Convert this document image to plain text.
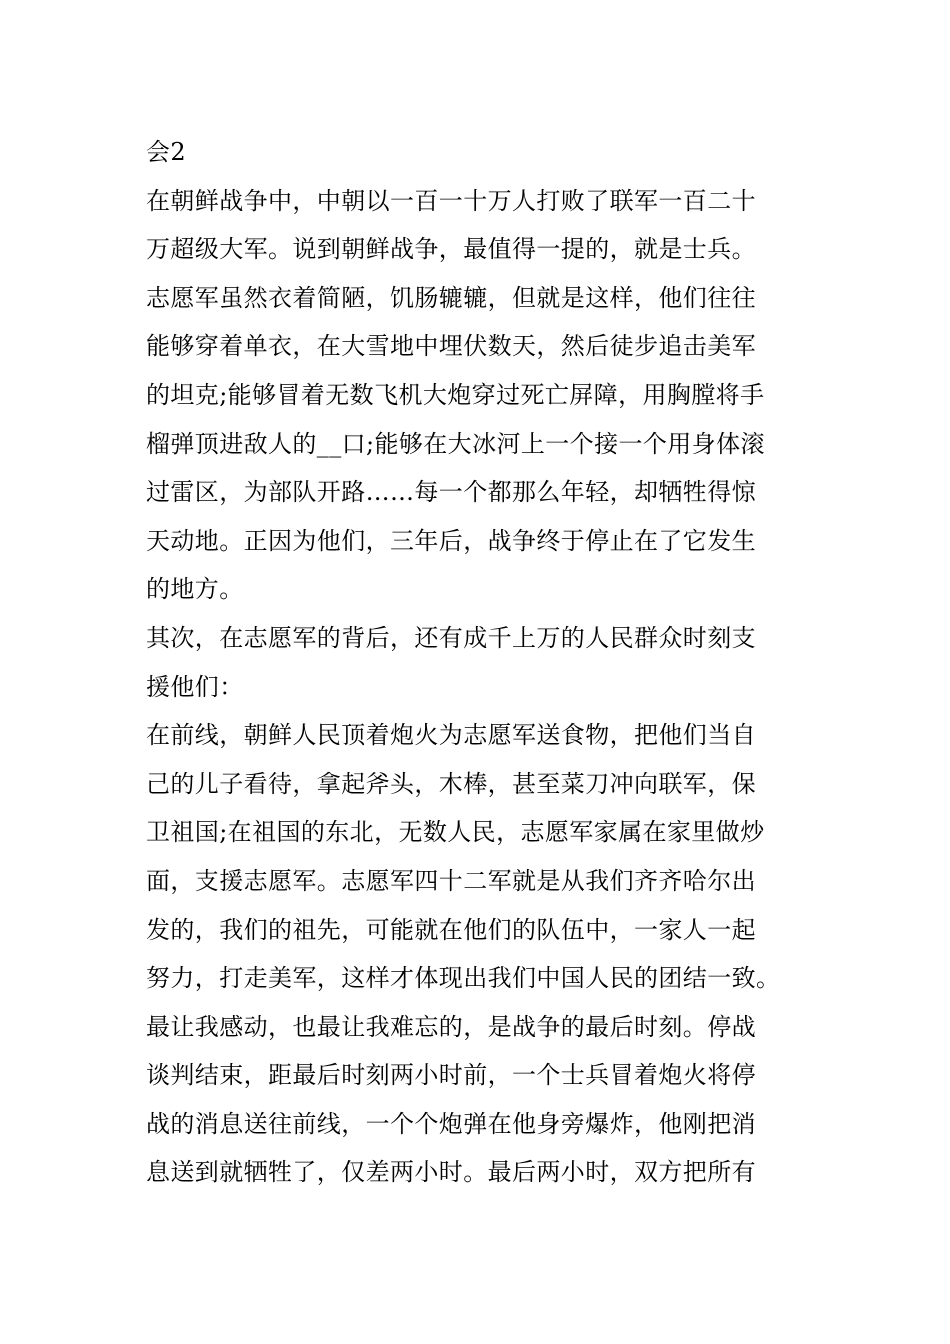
会2
在朝鲜战争中，中朝以一百一十万人打败了联军一百二十
万超级大军。说到朝鲜战争，最值得一提的，就是士兵。
志愿军虽然衣着简陋，饥肠辘辘，但就是这样，他们往往
能够穿着单衣，在大雪地中埋伏数天，然后徒步追击美军
的坦克;能够冒着无数飞机大炮穿过死亡屏障，用胸膛将手
榴弹顶进敌人的__口;能够在大冰河上一个接一个用身体滚
过雷区，为部队开路……每一个都那么年轻，却牺牲得惊
天动地。正因为他们，三年后，战争终于停止在了它发生
的地方。
其次，在志愿军的背后，还有成千上万的人民群众时刻支
援他们：
在前线，朝鲜人民顶着炮火为志愿军送食物，把他们当自
己的儿子看待，拿起斧头，木棒，甚至菜刀冲向联军，保
卫祖国;在祖国的东北，无数人民，志愿军家属在家里做炒
面，支援志愿军。志愿军四十二军就是从我们齐齐哈尔出
发的，我们的祖先，可能就在他们的队伍中，一家人一起
努力，打走美军，这样才体现出我们中国人民的团结一致。
最让我感动，也最让我难忘的，是战争的最后时刻。停战
谈判结束，距最后时刻两小时前，一个士兵冒着炮火将停
战的消息送往前线，一个个炮弹在他身旁爆炸，他刚把消
息送到就牺牲了，仅差两小时。最后两小时，双方把所有
